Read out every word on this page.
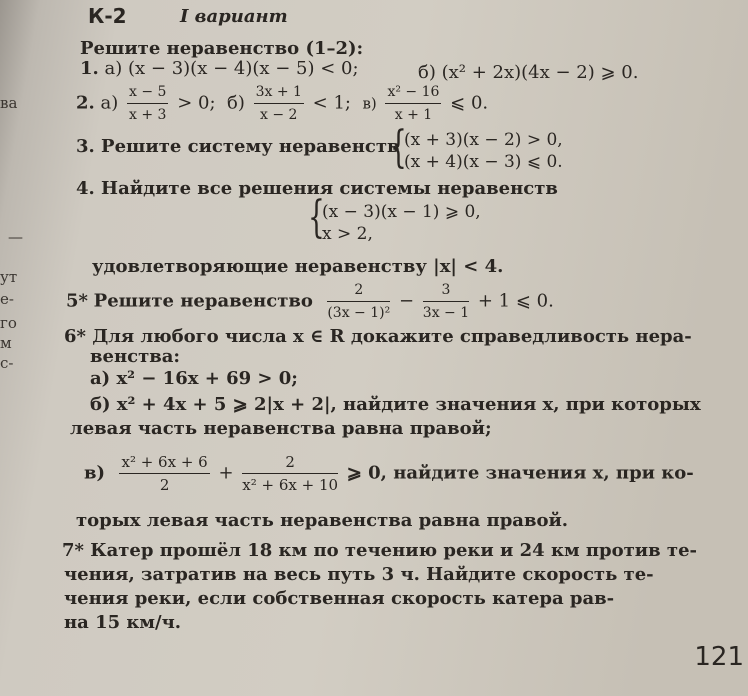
ва
—
ут
е-
го
м
с-
К-2	I вариант
Решите неравенство (1–2):
1. а) (x − 3)(x − 4)(x − 5) < 0;	б) (x² + 2x)(4x − 2) ⩾ 0.
2. $а) \frac{x - 5}{x + 3} > 0$; $б) \frac{3x + 1}{x - 2} < 1$; $в) \frac{\text{x² − 16}}{x + 1}$ ⩽ 0.
3. Решите систему неравенств
{
(x + 3)(x − 2) > 0,
(x + 4)(x − 3) ⩽ 0.
4. Найдите все решения системы неравенств
{
(x − 3)(x − 1) ⩾ 0,
x > 2,
удовлетворяющие неравенству |x| < 4.
5* Решите неравенство $\frac{2}{\text{(3x − 1)²}} - \frac{3}{3x - 1} + 1$ ⩽ 0.
6* Для любого числа x ∈ R докажите справедливость нера-
венства:
а) x² − 16x + 69 > 0;
б) x² + 4x + 5 ⩾ 2|x + 2|, найдите значения x, при которых
левая часть неравенства равна правой;
$в) \frac{\text{x² + 6x + 6}}{2} + \frac{2}{\text{x² + 6x + 10}}$ ⩾ 0, найдите значения x, при ко-
торых левая часть неравенства равна правой.
7* Катер прошёл 18 км по течению реки и 24 км против те-
чения, затратив на весь путь 3 ч. Найдите скорость те-
чения реки, если собственная скорость катера рав-
на 15 км/ч.
121
